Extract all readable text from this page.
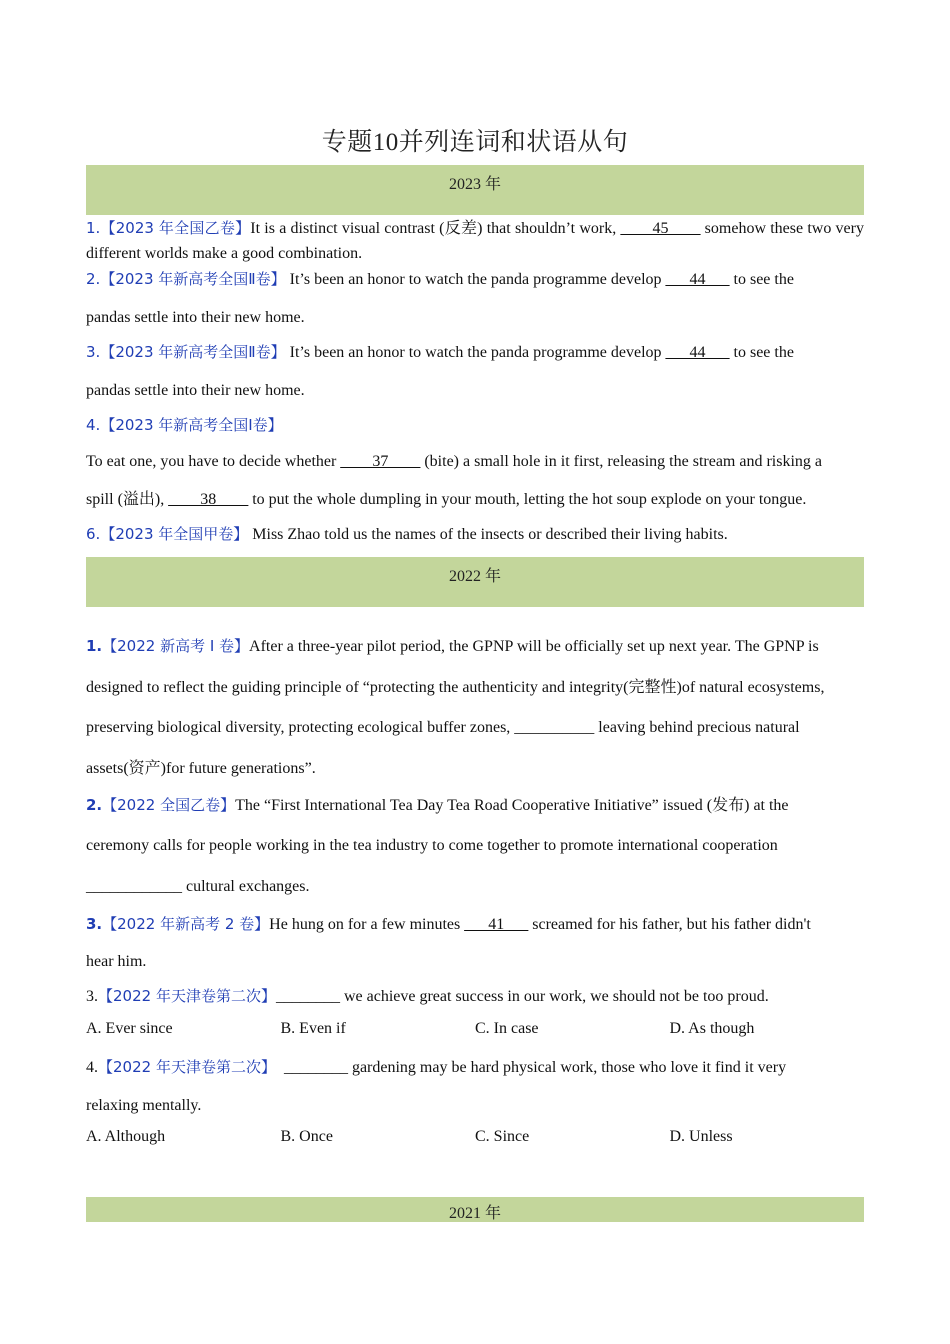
专题10并列连词和状语从句
2023 年
1.【2023 年全国乙卷】It is a distinct visual contrast (反差) that shouldn’t work, ____45____ somehow these two very different worlds make a good combination.
2.【2023 年新高考全国Ⅱ卷】 It’s been an honor to watch the panda programme develop ___44___ to see the
pandas settle into their new home.
3.【2023 年新高考全国Ⅱ卷】 It’s been an honor to watch the panda programme develop ___44___ to see the
pandas settle into their new home.
4.【2023 年新高考全国Ⅰ卷】
To eat one, you have to decide whether ____37____ (bite) a small hole in it first, releasing the stream and risking a
spill (溢出), ____38____ to put the whole dumpling in your mouth, letting the hot soup explode on your tongue.
6.【2023 年全国甲卷】 Miss Zhao told us the names of the insects or described their living habits.
2022 年
1.【2022 新高考 I 卷】After a three-year pilot period, the GPNP will be officially set up next year. The GPNP is
designed to reflect the guiding principle of “protecting the authenticity and integrity(完整性)of natural ecosystems,
preserving biological diversity, protecting ecological buffer zones, __________ leaving behind precious natural
assets(资产)for future generations”.
2.【2022 全国乙卷】The “First International Tea Day Tea Road Cooperative Initiative” issued (发布) at the
ceremony calls for people working in the tea industry to come together to promote international cooperation
____________ cultural exchanges.
3.【2022 年新高考 2 卷】He hung on for a few minutes ___41___ screamed for his father, but his father didn't
hear him.
3.【2022 年天津卷第二次】________ we achieve great success in our work, we should not be too proud.
A. Ever since	B. Even if	C. In case	D. As though
4.【2022 年天津卷第二次】  ________ gardening may be hard physical work, those who love it find it very
relaxing mentally.
A. Although	B. Once	C. Since	D. Unless
2021 年
